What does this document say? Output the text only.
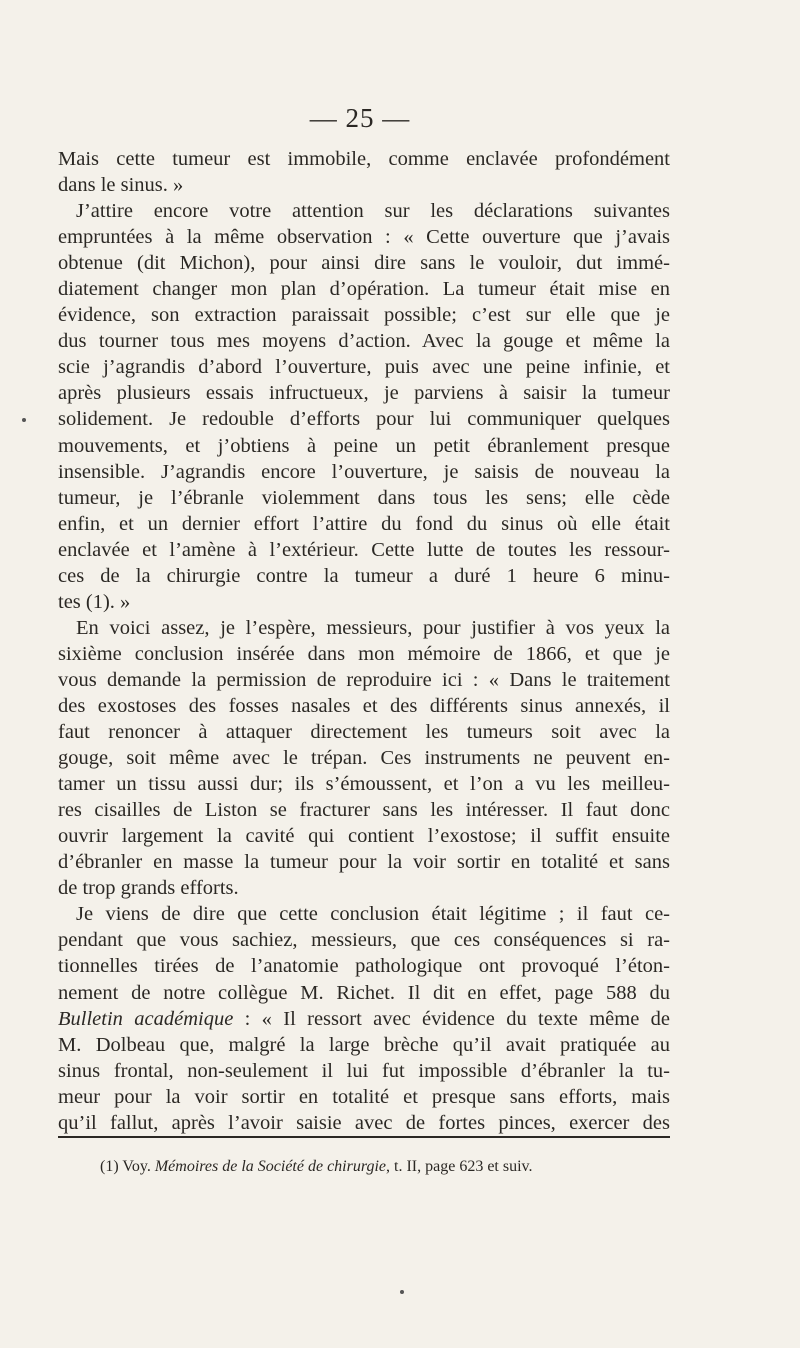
— 25 —
Mais cette tumeur est immobile, comme enclavée profondément
dans le sinus. »
J’attire encore votre attention sur les déclarations suivantes
empruntées à la même observation : « Cette ouverture que j’avais
obtenue (dit Michon), pour ainsi dire sans le vouloir, dut immé-
diatement changer mon plan d’opération. La tumeur était mise en
évidence, son extraction paraissait possible; c’est sur elle que je
dus tourner tous mes moyens d’action. Avec la gouge et même la
scie j’agrandis d’abord l’ouverture, puis avec une peine infinie, et
après plusieurs essais infructueux, je parviens à saisir la tumeur
solidement. Je redouble d’efforts pour lui communiquer quelques
mouvements, et j’obtiens à peine un petit ébranlement presque
insensible. J’agrandis encore l’ouverture, je saisis de nouveau la
tumeur, je l’ébranle violemment dans tous les sens; elle cède
enfin, et un dernier effort l’attire du fond du sinus où elle était
enclavée et l’amène à l’extérieur. Cette lutte de toutes les ressour-
ces de la chirurgie contre la tumeur a duré 1 heure 6 minu-
tes (1). »
En voici assez, je l’espère, messieurs, pour justifier à vos yeux la
sixième conclusion insérée dans mon mémoire de 1866, et que je
vous demande la permission de reproduire ici : « Dans le traitement
des exostoses des fosses nasales et des différents sinus annexés, il
faut renoncer à attaquer directement les tumeurs soit avec la
gouge, soit même avec le trépan. Ces instruments ne peuvent en-
tamer un tissu aussi dur; ils s’émoussent, et l’on a vu les meilleu-
res cisailles de Liston se fracturer sans les intéresser. Il faut donc
ouvrir largement la cavité qui contient l’exostose; il suffit ensuite
d’ébranler en masse la tumeur pour la voir sortir en totalité et sans
de trop grands efforts.
Je viens de dire que cette conclusion était légitime ; il faut ce-
pendant que vous sachiez, messieurs, que ces conséquences si ra-
tionnelles tirées de l’anatomie pathologique ont provoqué l’éton-
nement de notre collègue M. Richet. Il dit en effet, page 588 du
Bulletin académique : « Il ressort avec évidence du texte même de
M. Dolbeau que, malgré la large brèche qu’il avait pratiquée au
sinus frontal, non-seulement il lui fut impossible d’ébranler la tu-
meur pour la voir sortir en totalité et presque sans efforts, mais
qu’il fallut, après l’avoir saisie avec de fortes pinces, exercer des
(1) Voy. Mémoires de la Société de chirurgie, t. II, page 623 et suiv.
